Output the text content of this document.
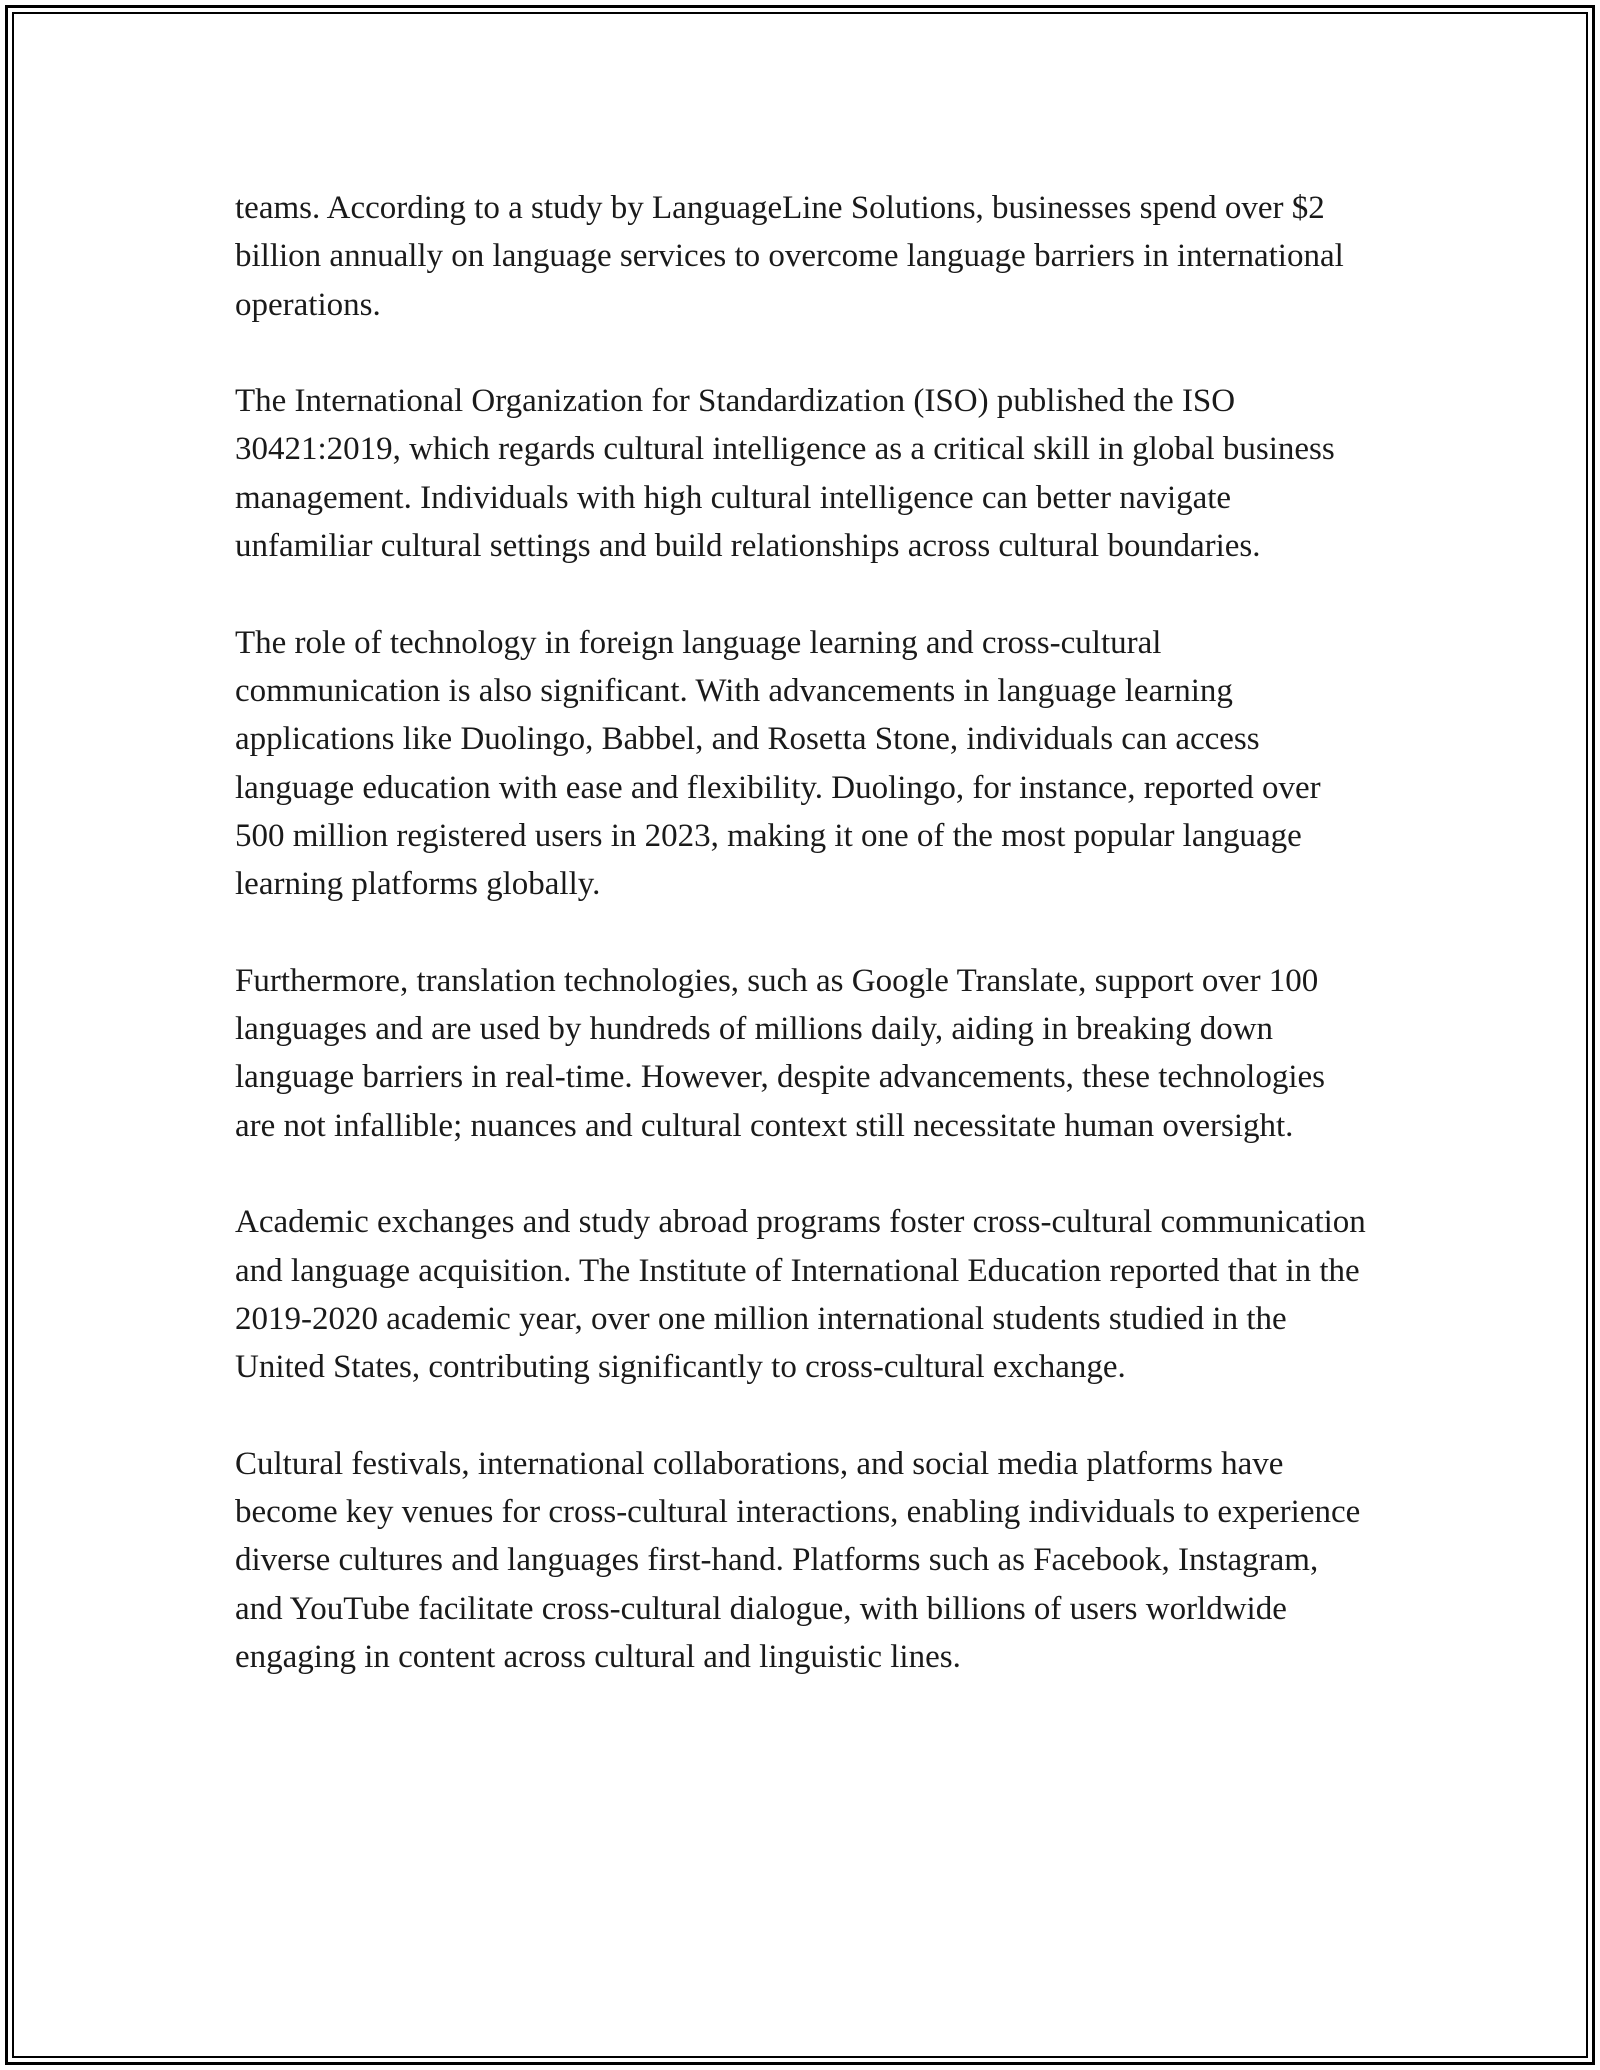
teams. According to a study by LanguageLine Solutions, businesses spend over $2 billion annually on language services to overcome language barriers in international operations.

The International Organization for Standardization (ISO) published the ISO 30421:2019, which regards cultural intelligence as a critical skill in global business management. Individuals with high cultural intelligence can better navigate unfamiliar cultural settings and build relationships across cultural boundaries.

The role of technology in foreign language learning and cross-cultural communication is also significant. With advancements in language learning applications like Duolingo, Babbel, and Rosetta Stone, individuals can access language education with ease and flexibility. Duolingo, for instance, reported over 500 million registered users in 2023, making it one of the most popular language learning platforms globally.

Furthermore, translation technologies, such as Google Translate, support over 100 languages and are used by hundreds of millions daily, aiding in breaking down language barriers in real-time. However, despite advancements, these technologies are not infallible; nuances and cultural context still necessitate human oversight.

Academic exchanges and study abroad programs foster cross-cultural communication and language acquisition. The Institute of International Education reported that in the 2019-2020 academic year, over one million international students studied in the United States, contributing significantly to cross-cultural exchange.

Cultural festivals, international collaborations, and social media platforms have become key venues for cross-cultural interactions, enabling individuals to experience diverse cultures and languages first-hand. Platforms such as Facebook, Instagram, and YouTube facilitate cross-cultural dialogue, with billions of users worldwide engaging in content across cultural and linguistic lines.
